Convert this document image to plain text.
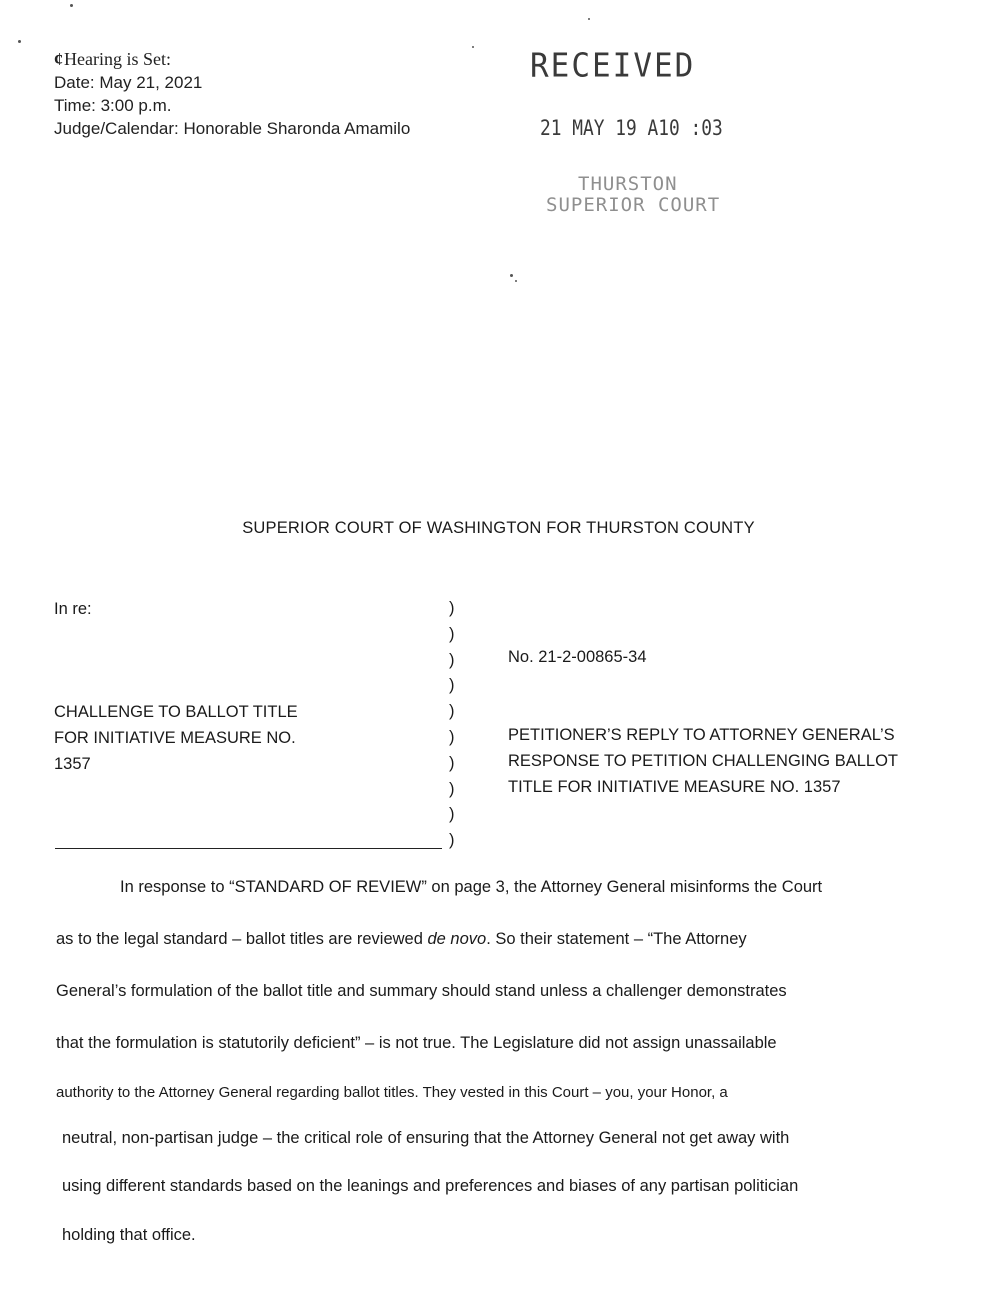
¢Hearing is Set:
Date: May 21, 2021
Time: 3:00 p.m.
Judge/Calendar: Honorable Sharonda Amamilo
RECEIVED
21 MAY 19 A10 :03
THURSTON
SUPERIOR COURT
SUPERIOR COURT OF WASHINGTON FOR THURSTON COUNTY
In re:
CHALLENGE TO BALLOT TITLE
FOR INITIATIVE MEASURE NO.
1357
)
)
)
)
)
)
)
)
)
)
No. 21-2-00865-34
PETITIONER’S REPLY TO ATTORNEY GENERAL’S
RESPONSE TO PETITION CHALLENGING BALLOT
TITLE FOR INITIATIVE MEASURE NO. 1357
In response to “STANDARD OF REVIEW” on page 3, the Attorney General misinforms the Court
as to the legal standard – ballot titles are reviewed de novo. So their statement – “The Attorney
General’s formulation of the ballot title and summary should stand unless a challenger demonstrates
that the formulation is statutorily deficient” – is not true. The Legislature did not assign unassailable
authority to the Attorney General regarding ballot titles. They vested in this Court – you, your Honor, a
neutral, non-partisan judge – the critical role of ensuring that the Attorney General not get away with
using different standards based on the leanings and preferences and biases of any partisan politician
holding that office.
